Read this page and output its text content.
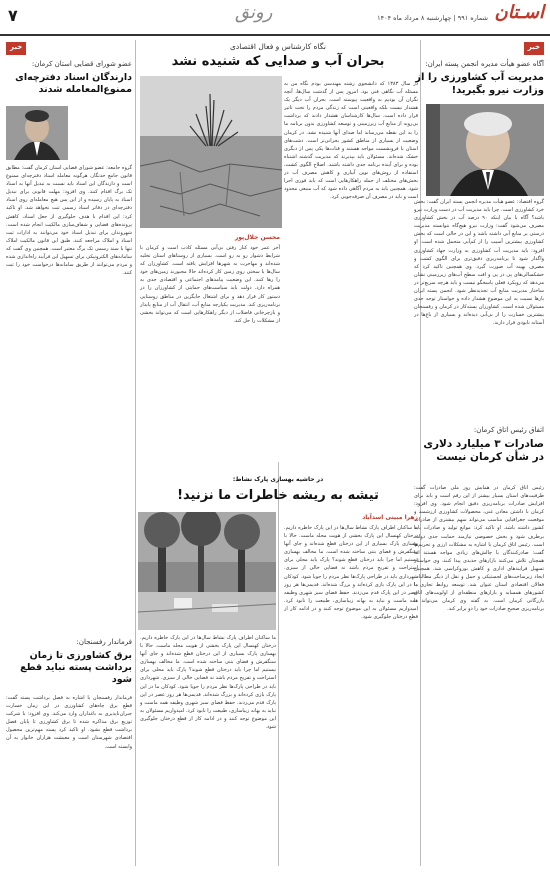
اسـتان
شماره ۹۹۱ | چهارشنبه ۸ مرداد ماه ۱۴۰۴
رونق
۷
خبر
آگاه عضو هیأت مدیره انجمن پسته ایران:
مدیریت آب کشاورزی را از وزارت نیرو بگیرید!
گروه اقتصاد: عضو هیأت مدیره انجمن پسته ایران گفت: بخش خرد کشاورزی است. چرا باید مدیریت آب در دست وزارت نیرو باشد؟ آگاه با بیان اینکه ۹۰ درصد آب در بخش کشاورزی مصرف می‌شود گفت: وزارت نیرو هیچ‌گاه نتوانسته مدیریت درستی بر منابع آبی داشته باشد و این در حالی است که بخش کشاورزی بیشترین آسیب را از کم‌آبی متحمل شده است. او افزود: باید مدیریت آب کشاورزی به وزارت جهاد کشاورزی واگذار شود تا برنامه‌ریزی دقیق‌تری برای الگوی کشت و مصرف بهینه آب صورت گیرد. وی همچنین تاکید کرد که خشکسالی‌های پی در پی و افت سطح آب‌های زیرزمینی نشان می‌دهد که رویکرد فعلی پاسخگو نیست و باید هرچه سریع‌تر در ساختار مدیریت منابع آب تجدیدنظر شود. انجمن پسته ایران بارها نسبت به این موضوع هشدار داده و خواستار توجه جدی مسئولان شده است. کشاورزان پسته‌کار در کرمان و رفسنجان بیشترین خسارت را از بی‌آبی دیده‌اند و بسیاری از باغ‌ها در آستانه نابودی قرار دارند.
اتفاق رئیس اتاق کرمان:
صادرات ۳ میلیارد دلاری در شأن کرمان نیست
رئیس اتاق کرمان در همایش روز ملی صادرات گفت: ظرفیت‌های استان بسیار بیشتر از این رقم است و باید برای افزایش صادرات برنامه‌ریزی دقیق انجام شود. وی افزود: کرمان با داشتن معادن غنی، محصولات کشاورزی ارزشمند و موقعیت جغرافیایی مناسب می‌تواند سهم بیشتری از صادرات کشور داشته باشد. او تاکید کرد: موانع تولید و صادرات باید برطرف شود و بخش خصوصی نیازمند حمایت جدی دولت است. رئیس اتاق کرمان با اشاره به مشکلات ارزی و تحریم‌ها گفت: صادرکنندگان با چالش‌های زیادی مواجه هستند اما همچنان تلاش می‌کنند بازارهای جدیدی پیدا کنند. وی خواستار تسهیل فرایندهای اداری و کاهش بوروکراسی شد. همچنین ایجاد زیرساخت‌های لجستیکی و حمل و نقل از دیگر مطالبات فعالان اقتصادی استان عنوان شد. توسعه روابط تجاری با کشورهای همسایه و بازارهای منطقه‌ای از اولویت‌های اتاق بازرگانی کرمان است. به گفته وی کرمان می‌تواند با برنامه‌ریزی صحیح صادرات خود را دو برابر کند.
نگاه کارشناس و فعال اقتصادی
بحران آب و صدایی که شنیده نشد
محسن جلال‌پور
در سال ۱۳۸۳ که دانشجوی رشته مهندسی بودم نگاه من به مسئله آب نگاهی فنی بود. امروز پس از گذشت سال‌ها، آنچه نگران آن بودیم به واقعیت پیوسته است. بحران آب دیگر یک هشدار نیست بلکه واقعیتی است که زندگی مردم را تحت تاثیر قرار داده است. سال‌ها کارشناسان هشدار دادند که برداشت بی‌رویه از منابع آب زیرزمینی و توسعه کشاورزی بدون برنامه ما را به این نقطه می‌رساند اما صدای آنها شنیده نشد. در کرمان وضعیت از بسیاری از مناطق کشور بحرانی‌تر است. دشت‌های استان با فرونشست مواجه هستند و قنات‌ها یکی پس از دیگری خشک شده‌اند. مسئولان باید بپذیرند که مدیریت گذشته اشتباه بوده و برای آینده برنامه جدی داشته باشند. اصلاح الگوی کشت، استفاده از روش‌های نوین آبیاری و کاهش مصرف آب در بخش‌های مختلف از جمله راهکارهایی است که باید فوری اجرا شود. همچنین باید به مردم آگاهی داده شود که آب منبعی محدود است و باید در مصرف آن صرفه‌جویی کرد.
آخر عمر خود کنار رفتن بی‌آبی مسئله کاذب است و کرمان با شرایط دشوار رو به رو است. بسیاری از روستاهای استان تخلیه شده‌اند و مهاجرت به شهرها افزایش یافته است. کشاورزان که سال‌ها با سختی روی زمین کار کرده‌اند حالا مجبورند زمین‌های خود را رها کنند. این وضعیت پیامدهای اجتماعی و اقتصادی جدی به همراه دارد. دولت باید سیاست‌های حمایتی از کشاورزان را در دستور کار قرار دهد و برای اشتغال جایگزین در مناطق روستایی برنامه‌ریزی کند. مدیریت یکپارچه منابع آب، انتقال آب از منابع پایدار و بازچرخانی فاضلاب از دیگر راهکارهایی است که می‌تواند بخشی از مشکلات را حل کند.
در حاشیه بهسازی پارک نشاط:
تیشه به ریشه خاطرات ما نزنید!
زهرا مبینی اسدآباد
ما ساکنان اطراف پارک نشاط سال‌ها در این پارک خاطره داریم. درختان کهنسال این پارک بخشی از هویت محله ماست. حالا با بهسازی پارک بسیاری از این درختان قطع شده‌اند و جای آنها سنگفرش و فضای بتنی ساخته شده است. ما مخالف بهسازی نیستیم اما چرا باید درختان قطع شوند؟ پارک باید محلی برای استراحت و تفریح مردم باشد نه فضایی خالی از سبزی. شهرداری باید در طراحی پارک‌ها نظر مردم را جویا شود. کودکان ما در این پارک بازی کرده‌اند و بزرگ شده‌اند. قدیمی‌ها هر روز عصر در این پارک قدم می‌زدند. حفظ فضای سبز شهری وظیفه همه ماست و نباید به بهانه زیباسازی، طبیعت را نابود کرد. امیدواریم مسئولان به این موضوع توجه کنند و در ادامه کار از قطع درختان جلوگیری شود.
ما ساکنان اطراف پارک نشاط سال‌ها در این پارک خاطره داریم. درختان کهنسال این پارک بخشی از هویت محله ماست. حالا با بهسازی پارک بسیاری از این درختان قطع شده‌اند و جای آنها سنگفرش و فضای بتنی ساخته شده است. ما مخالف بهسازی نیستیم اما چرا باید درختان قطع شوند؟ پارک باید محلی برای استراحت و تفریح مردم باشد نه فضایی خالی از سبزی. شهرداری باید در طراحی پارک‌ها نظر مردم را جویا شود. کودکان ما در این پارک بازی کرده‌اند و بزرگ شده‌اند. قدیمی‌ها هر روز عصر در این پارک قدم می‌زدند. حفظ فضای سبز شهری وظیفه همه ماست و نباید به بهانه زیباسازی، طبیعت را نابود کرد. امیدواریم مسئولان به این موضوع توجه کنند و در ادامه کار از قطع درختان جلوگیری شود.
خبر
عضو شورای قضایی استان کرمان:
دارندگان اسناد دفترچه‌ای ممنوع‌المعامله شدند
گروه جامعه: عضو شورای قضایی استان کرمان گفت: مطابق قانون جامع حدنگار، هرگونه معامله اسناد دفترچه‌ای ممنوع است و دارندگان این اسناد باید نسبت به تبدیل آنها به اسناد تک برگ اقدام کنند. وی افزود: مهلت قانونی برای تبدیل اسناد به پایان رسیده و از این پس هیچ معامله‌ای روی اسناد دفترچه‌ای در دفاتر اسناد رسمی ثبت نخواهد شد. او تاکید کرد: این اقدام با هدف جلوگیری از جعل اسناد، کاهش پرونده‌های قضایی و شفاف‌سازی مالکیت انجام شده است. شهروندان برای تبدیل اسناد خود می‌توانند به ادارات ثبت اسناد و املاک مراجعه کنند. طبق این قانون مالکیت املاک تنها با سند رسمی تک برگ معتبر است. همچنین وی گفت که سامانه‌های الکترونیکی برای تسهیل این فرآیند راه‌اندازی شده و مردم می‌توانند از طریق سامانه‌ها درخواست خود را ثبت کنند.
فرماندار رفسنجان:
برق کشاورزی تا زمان برداشت پسته نباید قطع شود
فرماندار رفسنجان با اشاره به فصل برداشت پسته گفت: قطع برق چاه‌های کشاورزی در این زمان خسارت جبران‌ناپذیری به باغداران وارد می‌کند. وی افزود: با شرکت توزیع برق مذاکره شده تا برق کشاورزی تا پایان فصل برداشت قطع نشود. او تاکید کرد پسته مهم‌ترین محصول اقتصادی شهرستان است و معیشت هزاران خانوار به آن وابسته است.
